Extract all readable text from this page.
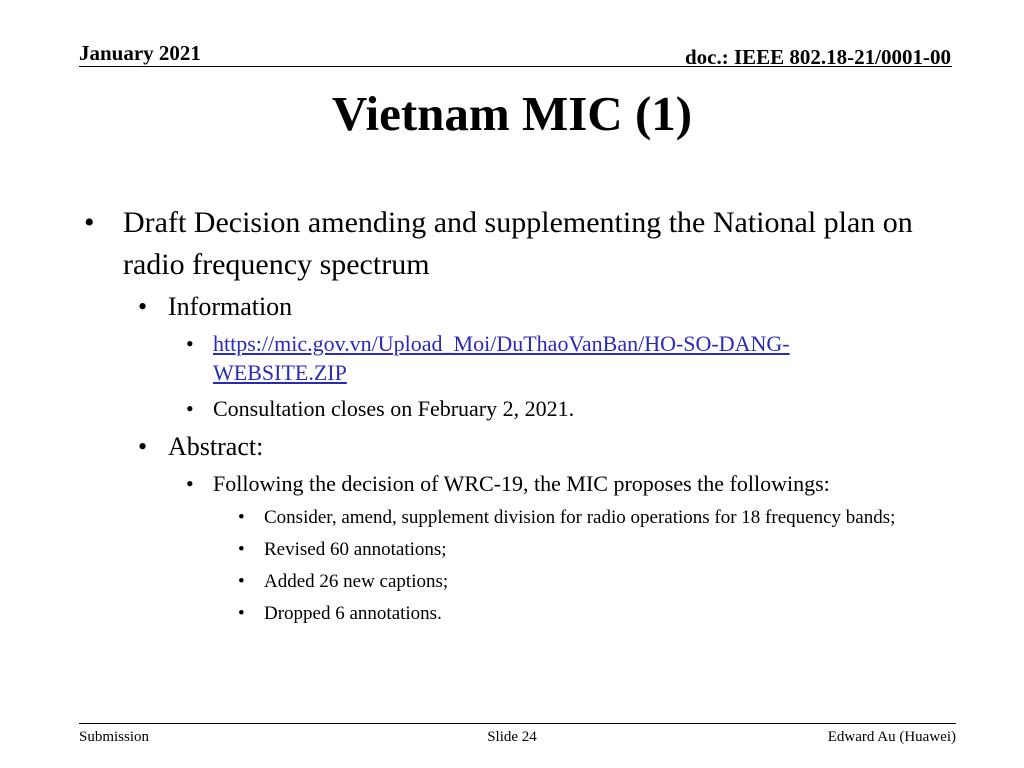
January 2021	doc.: IEEE 802.18-21/0001-00
Vietnam MIC (1)
• Draft Decision amending and supplementing the National plan on radio frequency spectrum
• Information
• https://mic.gov.vn/Upload_Moi/DuThaoVanBan/HO-SO-DANG-WEBSITE.ZIP
• Consultation closes on February 2, 2021.
• Abstract:
• Following the decision of WRC-19, the MIC proposes the followings:
• Consider, amend, supplement division for radio operations for 18 frequency bands;
• Revised 60 annotations;
• Added 26 new captions;
• Dropped 6 annotations.
Submission	Slide 24	Edward Au (Huawei)
